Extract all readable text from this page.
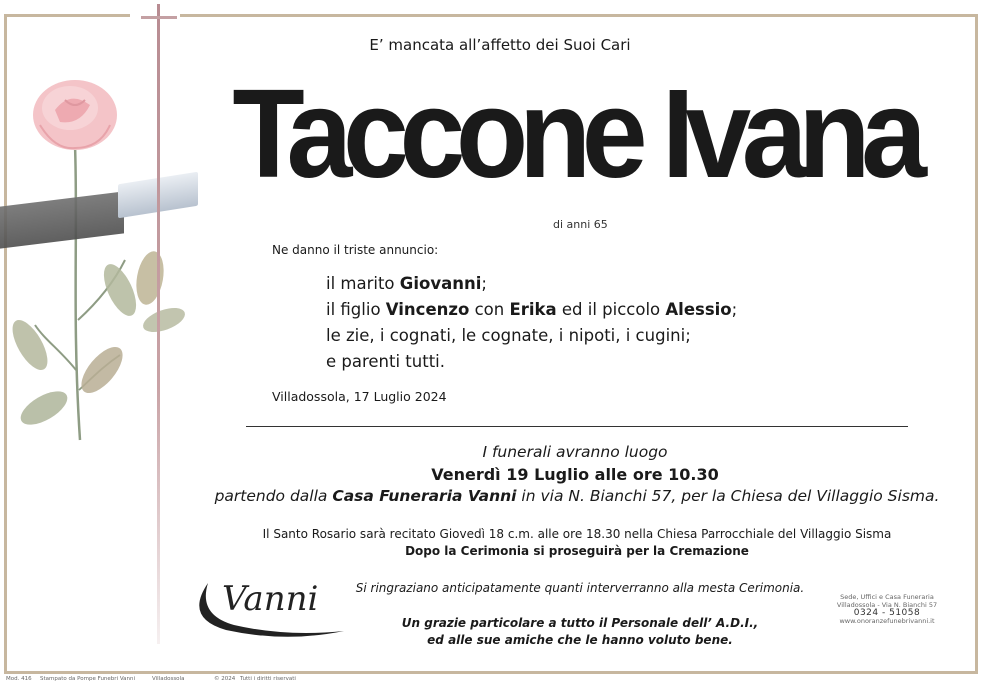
E’ mancata all’affetto dei Suoi Cari
Taccone Ivana
di anni 65
Ne danno il triste annuncio:
il marito Giovanni;
il figlio Vincenzo con Erika ed il piccolo Alessio;
le zie, i cognati, le cognate, i nipoti, i cugini;
e parenti tutti.
Villadossola, 17 Luglio 2024
I funerali avranno luogo
Venerdì 19 Luglio alle ore 10.30
partendo dalla Casa Funeraria Vanni in via N. Bianchi 57, per la Chiesa del Villaggio Sisma.
Il Santo Rosario sarà recitato Giovedì 18 c.m. alle ore 18.30 nella Chiesa Parrocchiale del Villaggio Sisma
Dopo la Cerimonia si proseguirà per la Cremazione
Si ringraziano anticipatamente quanti interverranno alla mesta Cerimonia.
Un grazie particolare a tutto il Personale dell’ A.D.I.,
ed alle sue amiche che le hanno voluto bene.
Vanni	Sede, Uffici e Casa Funeraria
Villadossola - Via N. Bianchi 57
0324 - 51058
www.onoranzefunebrivanni.it
Mod. 416 Stampato da Pompe Funebri Vanni	Villadossola	© 2024 Tutti i diritti riservati
